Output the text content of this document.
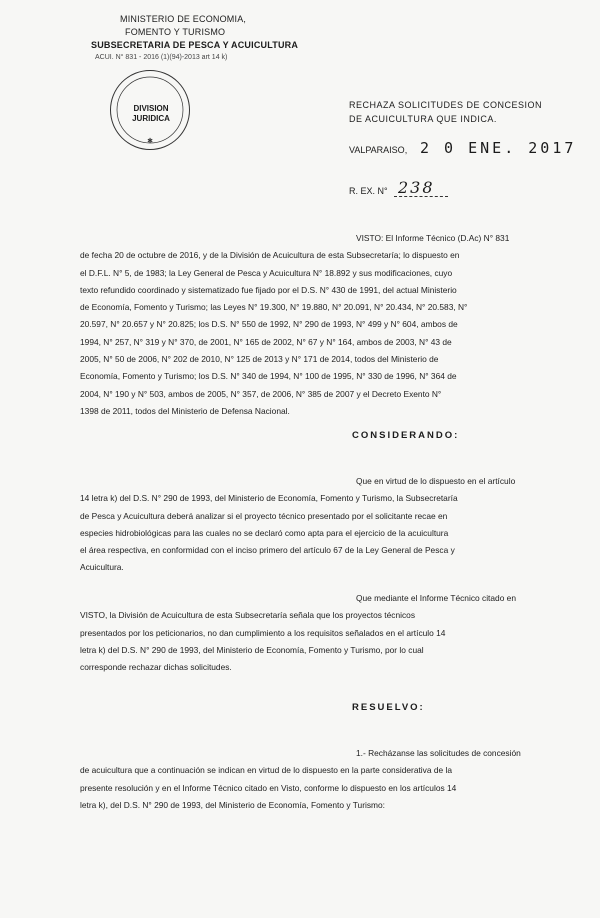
MINISTERIO DE ECONOMIA,
FOMENTO Y TURISMO
SUBSECRETARIA DE PESCA Y ACUICULTURA
ACUI. N° 831 - 2016 (1)(94)-2013 art 14 k)
✱
DIVISION
JURIDICA
RECHAZA SOLICITUDES DE CONCESION
DE ACUICULTURA QUE INDICA.
VALPARAISO, 2 0 ENE. 2017
R. EX. N° 238
VISTO: El Informe Técnico (D.Ac) N° 831
de fecha 20 de octubre de 2016, y de la División de Acuicultura de esta Subsecretaría; lo dispuesto en
el D.F.L. N° 5, de 1983; la Ley General de Pesca y Acuicultura N° 18.892 y sus modificaciones, cuyo
texto refundido coordinado y sistematizado fue fijado por el D.S. N° 430 de 1991, del actual Ministerio
de Economía, Fomento y Turismo; las Leyes N° 19.300, N° 19.880, N° 20.091, N° 20.434, N° 20.583, N°
20.597, N° 20.657 y N° 20.825; los D.S. N° 550 de 1992, N° 290 de 1993, N° 499 y N° 604, ambos de
1994, N° 257, N° 319 y N° 370, de 2001, N° 165 de 2002, N° 67 y N° 164, ambos de 2003, N° 43 de
2005, N° 50 de 2006, N° 202 de 2010, N° 125 de 2013 y N° 171 de 2014, todos del Ministerio de
Economía, Fomento y Turismo; los D.S. N° 340 de 1994, N° 100 de 1995, N° 330 de 1996, N° 364 de
2004, N° 190 y N° 503, ambos de 2005, N° 357, de 2006, N° 385 de 2007 y el Decreto Exento N°
1398 de 2011, todos del Ministerio de Defensa Nacional.
CONSIDERANDO:
Que en virtud de lo dispuesto en el artículo
14 letra k) del D.S. N° 290 de 1993, del Ministerio de Economía, Fomento y Turismo, la Subsecretaría
de Pesca y Acuicultura deberá analizar si el proyecto técnico presentado por el solicitante recae en
especies hidrobiológicas para las cuales no se declaró como apta para el ejercicio de la acuicultura
el área respectiva, en conformidad con el inciso primero del artículo 67 de la Ley General de Pesca y
Acuicultura.
Que mediante el Informe Técnico citado en
VISTO, la División de Acuicultura de esta Subsecretaría señala que los proyectos técnicos
presentados por los peticionarios, no dan cumplimiento a los requisitos señalados en el artículo 14
letra k) del D.S. N° 290 de 1993, del Ministerio de Economía, Fomento y Turismo, por lo cual
corresponde rechazar dichas solicitudes.
RESUELVO:
1.- Recházanse las solicitudes de concesión
de acuicultura que a continuación se indican en virtud de lo dispuesto en la parte considerativa de la
presente resolución y en el Informe Técnico citado en Visto, conforme lo dispuesto en los artículos 14
letra k), del D.S. N° 290 de 1993, del Ministerio de Economía, Fomento y Turismo:
